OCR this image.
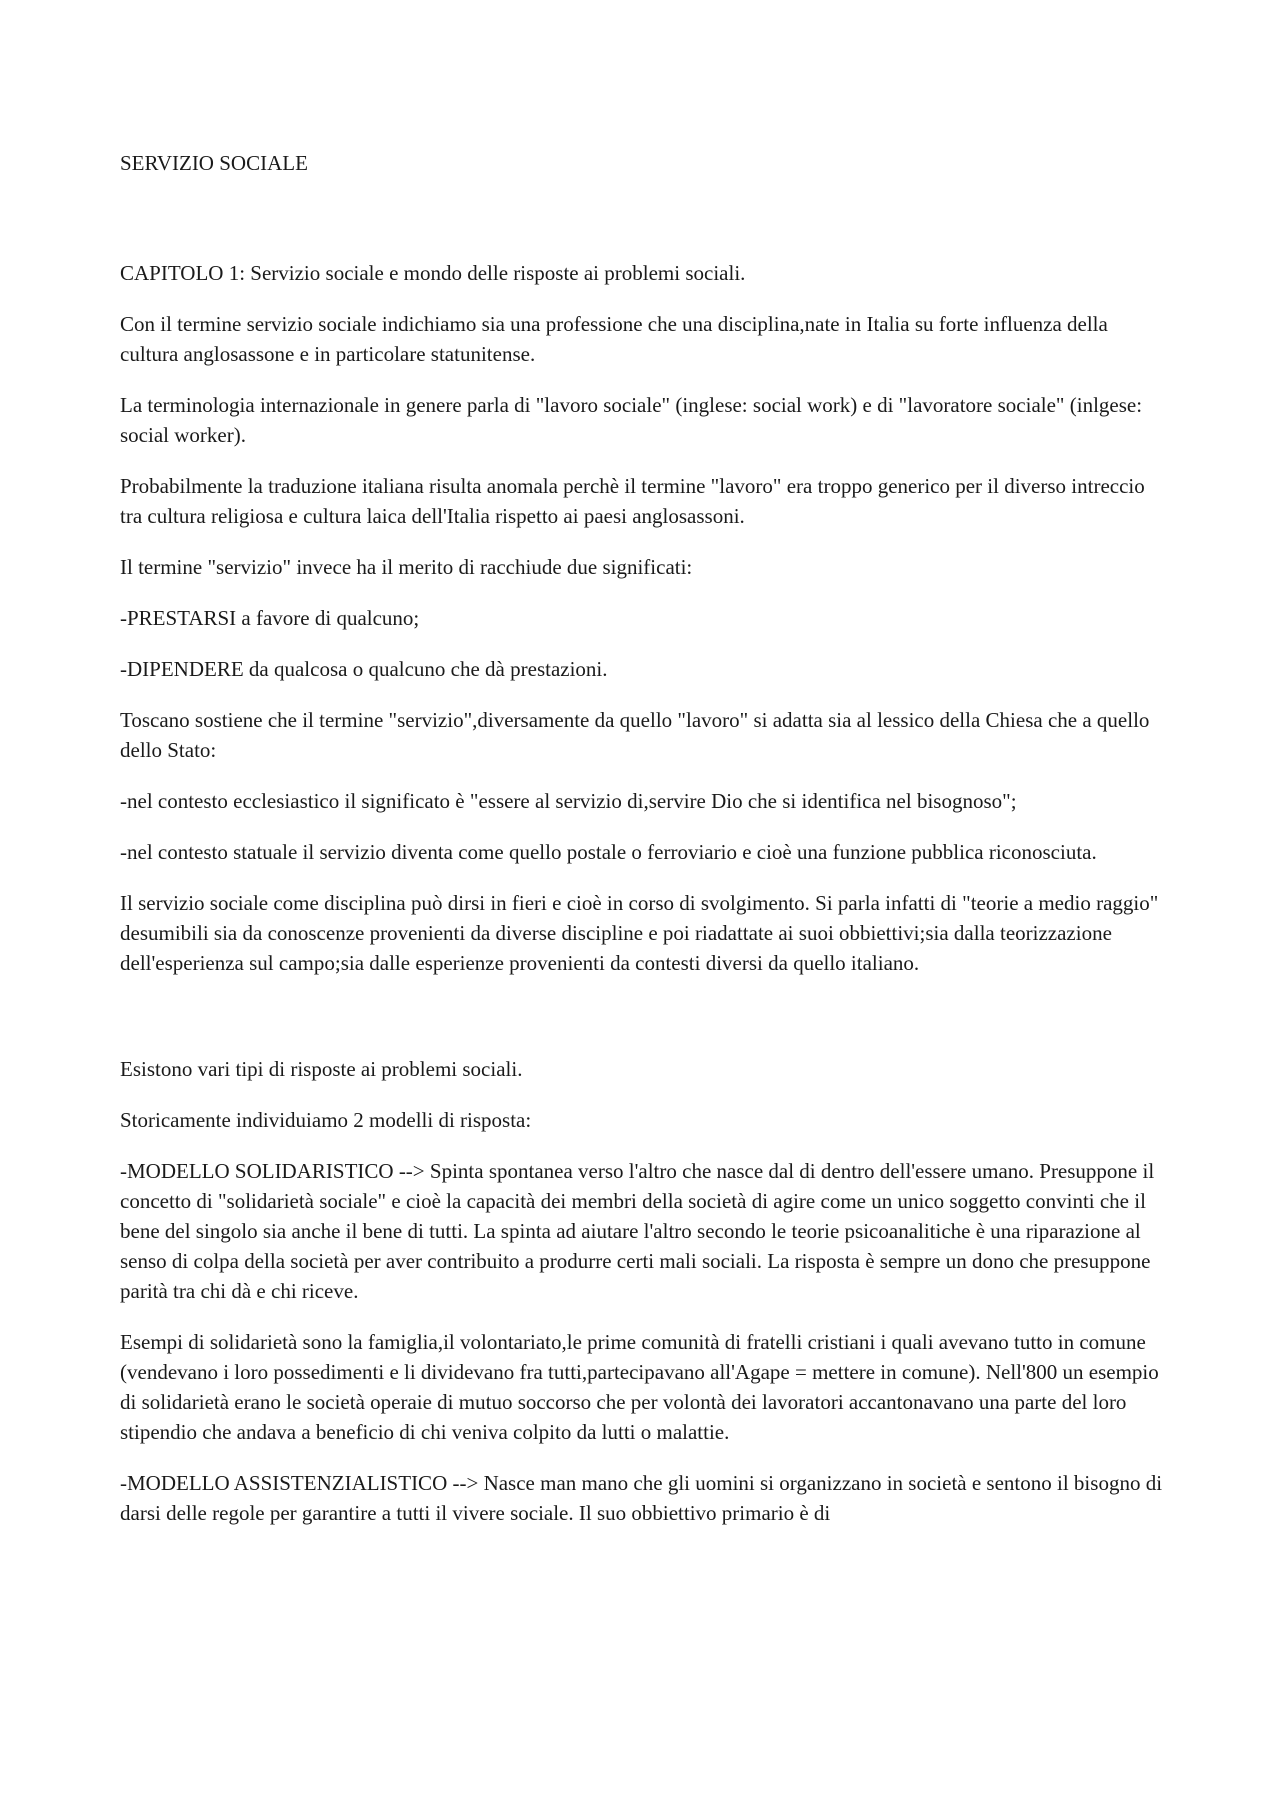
SERVIZIO SOCIALE

CAPITOLO 1: Servizio sociale e mondo delle risposte ai problemi sociali.

Con il termine servizio sociale indichiamo sia una professione che una disciplina,nate in Italia su forte influenza della cultura anglosassone e in particolare statunitense.

La terminologia internazionale in genere parla di "lavoro sociale" (inglese: social work) e di "lavoratore sociale" (inlgese: social worker).

Probabilmente la traduzione italiana risulta anomala perchè il termine "lavoro" era troppo generico per il diverso intreccio tra cultura religiosa e cultura laica dell'Italia rispetto ai paesi anglosassoni.

Il termine "servizio" invece ha il merito di racchiude due significati:

-PRESTARSI a favore di qualcuno;

-DIPENDERE da qualcosa o qualcuno che dà prestazioni.

Toscano sostiene che il termine "servizio",diversamente da quello "lavoro" si adatta sia al lessico della Chiesa che a quello dello Stato:

-nel contesto ecclesiastico il significato è "essere al servizio di,servire Dio che si identifica nel bisognoso";

-nel contesto statuale il servizio diventa come quello postale o ferroviario e cioè una funzione pubblica riconosciuta.

Il servizio sociale come disciplina può dirsi in fieri e cioè in corso di svolgimento. Si parla infatti di "teorie a medio raggio" desumibili sia da conoscenze provenienti da diverse discipline e poi riadattate ai suoi obbiettivi;sia dalla teorizzazione dell'esperienza sul campo;sia dalle esperienze provenienti da contesti diversi da quello italiano.

Esistono vari tipi di risposte ai problemi sociali.

Storicamente individuiamo 2 modelli di risposta:

-MODELLO SOLIDARISTICO --> Spinta spontanea verso l'altro che nasce dal di dentro dell'essere umano. Presuppone il concetto di "solidarietà sociale" e cioè la capacità dei membri della società di agire come un unico soggetto convinti che il bene del singolo sia anche il bene di tutti. La spinta ad aiutare l'altro secondo le teorie psicoanalitiche è una riparazione al senso di colpa della società per aver contribuito a produrre certi mali sociali. La risposta è sempre un dono che presuppone parità tra chi dà e chi riceve.

Esempi di solidarietà sono la famiglia,il volontariato,le prime comunità di fratelli cristiani i quali avevano tutto in comune (vendevano i loro possedimenti e li dividevano fra tutti,partecipavano all'Agape = mettere in comune). Nell'800 un esempio di solidarietà erano le società operaie di mutuo soccorso che per volontà dei lavoratori accantonavano una parte del loro stipendio che andava a beneficio di chi veniva colpito da lutti o malattie.

-MODELLO ASSISTENZIALISTICO --> Nasce man mano che gli uomini si organizzano in società e sentono il bisogno di darsi delle regole per garantire a tutti il vivere sociale. Il suo obbiettivo primario è di
